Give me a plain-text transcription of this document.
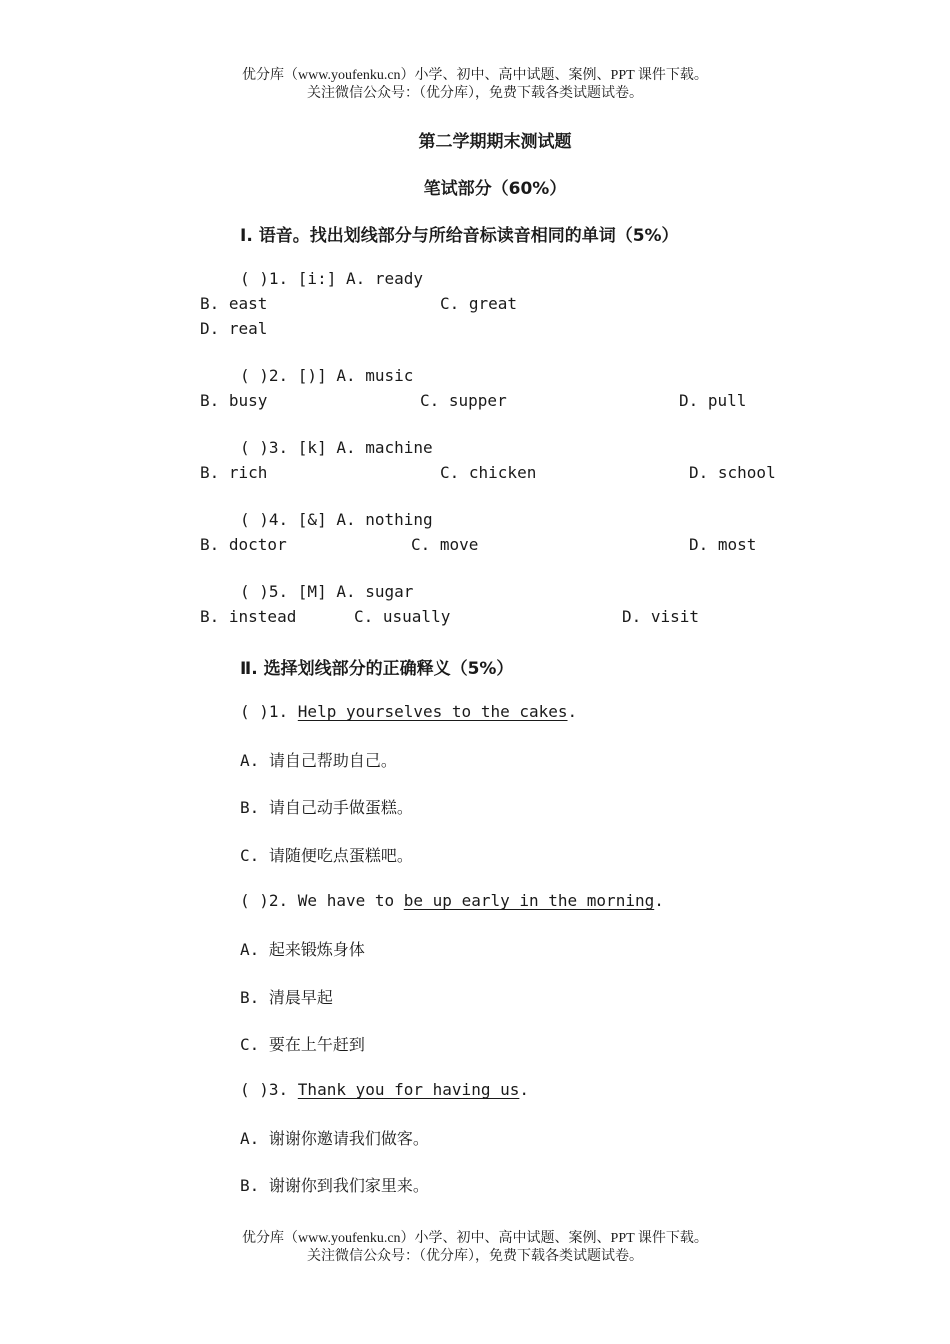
优分库（www.youfenku.cn）小学、初中、高中试题、案例、PPT 课件下载。
关注微信公众号：（优分库），免费下载各类试题试卷。
第二学期期末测试题
笔试部分（60%）
Ⅰ. 语音。找出划线部分与所给音标读音相同的单词（5%）
( )1. [i:] A. ready
B. east	C. great
D. real
( )2. [)] A. music
B. busy	C. supper	D. pull
( )3. [k] A. machine
B. rich	C. chicken	D. school
( )4. [&] A. nothing
B. doctor	C. move	D. most
( )5. [M] A. sugar
B. instead	C. usually	D. visit
Ⅱ. 选择划线部分的正确释义（5%）
( )1. Help yourselves to the cakes.
A. 请自己帮助自己。
B. 请自己动手做蛋糕。
C. 请随便吃点蛋糕吧。
( )2. We have to be up early in the morning.
A. 起来锻炼身体
B. 清晨早起
C. 要在上午赶到
( )3. Thank you for having us.
A. 谢谢你邀请我们做客。
B. 谢谢你到我们家里来。
优分库（www.youfenku.cn）小学、初中、高中试题、案例、PPT 课件下载。
关注微信公众号：（优分库），免费下载各类试题试卷。
